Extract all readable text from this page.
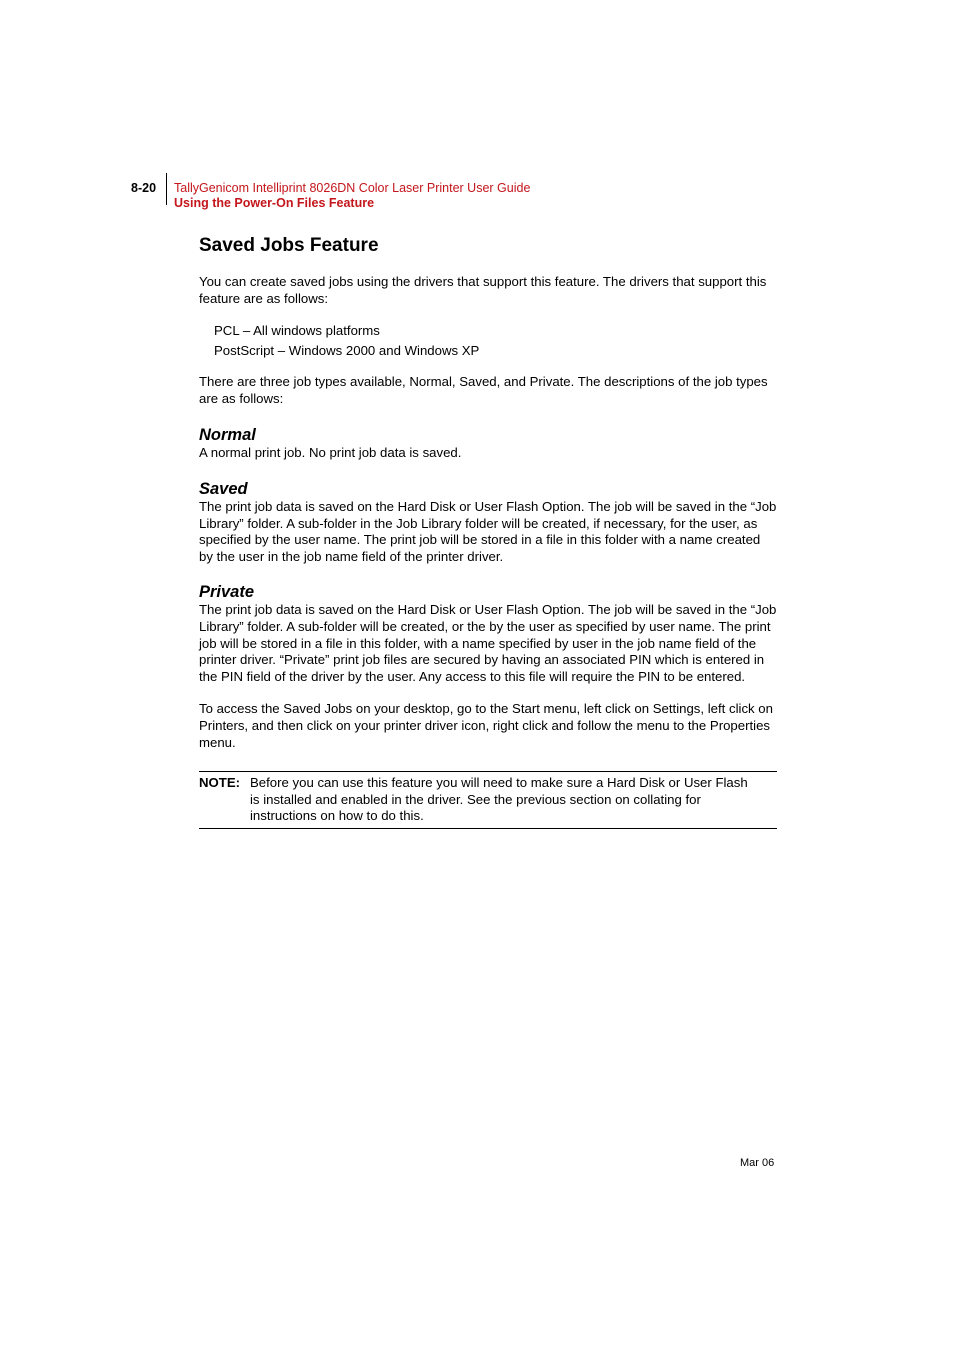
8-20 TallyGenicom Intelliprint 8026DN Color Laser Printer User Guide
Using the Power-On Files Feature
Saved Jobs Feature

You can create saved jobs using the drivers that support this feature. The drivers that support this feature are as follows:

PCL – All windows platforms
PostScript – Windows 2000 and Windows XP

There are three job types available, Normal, Saved, and Private. The descriptions of the job types are as follows:

Normal

A normal print job. No print job data is saved.

Saved

The print job data is saved on the Hard Disk or User Flash Option. The job will be saved in the “Job Library” folder. A sub-folder in the Job Library folder will be created, if necessary, for the user, as specified by the user name. The print job will be stored in a file in this folder with a name created by the user in the job name field of the printer driver.

Private

The print job data is saved on the Hard Disk or User Flash Option. The job will be saved in the “Job Library” folder. A sub-folder will be created, or the by the user as specified by user name. The print job will be stored in a file in this folder, with a name specified by user in the job name field of the printer driver. “Private” print job files are secured by having an associated PIN which is entered in the PIN field of the driver by the user. Any access to this file will require the PIN to be entered.

To access the Saved Jobs on your desktop, go to the Start menu, left click on Settings, left click on Printers, and then click on your printer driver icon, right click and follow the menu to the Properties menu.

NOTE: Before you can use this feature you will need to make sure a Hard Disk or User Flash is installed and enabled in the driver. See the previous section on collating for instructions on how to do this.

Mar 06
